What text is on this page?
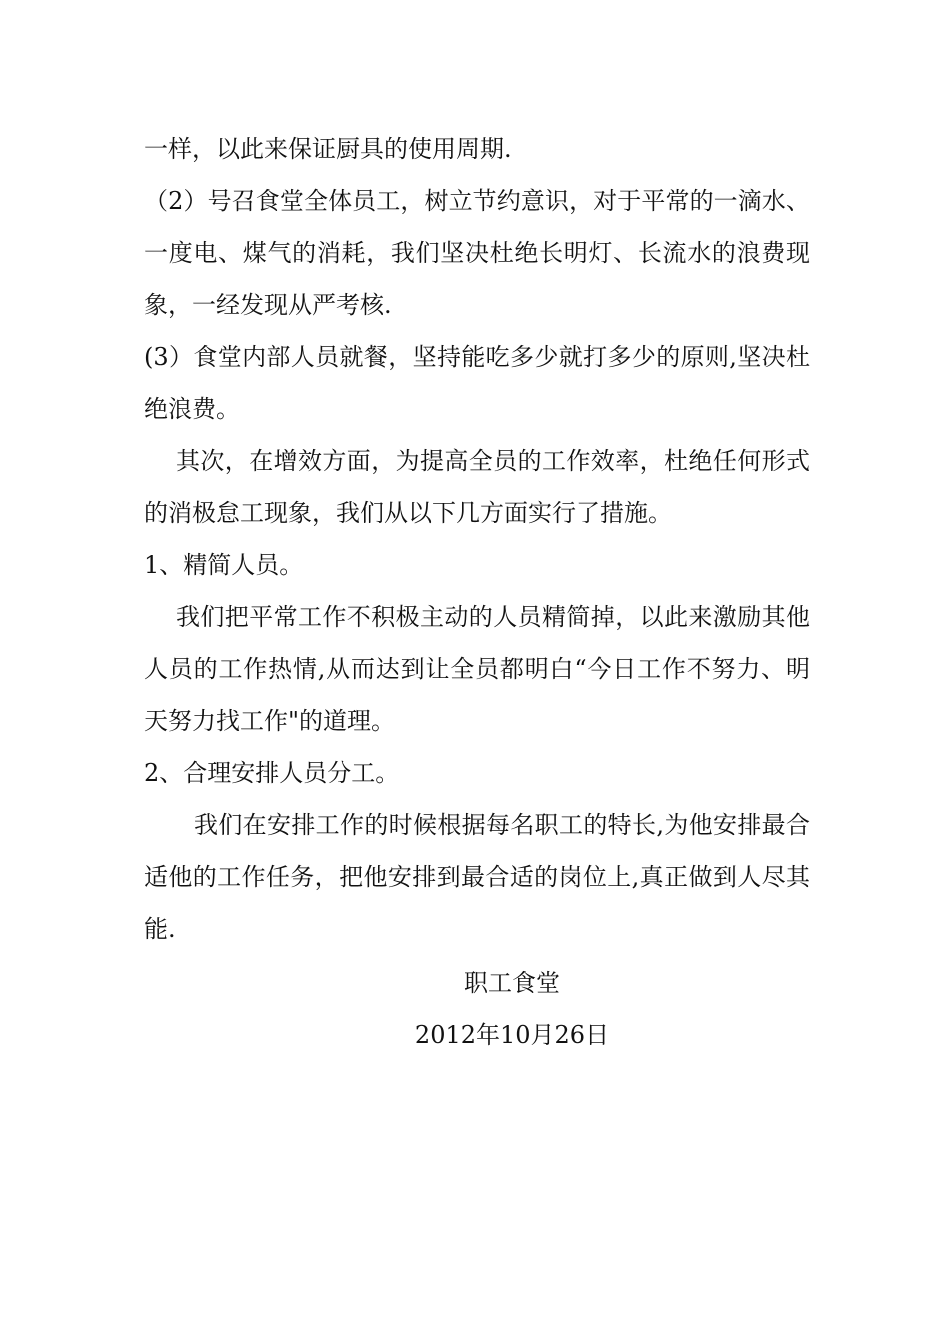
一样，以此来保证厨具的使用周期.

（2）号召食堂全体员工，树立节约意识，对于平常的一滴水、一度电、煤气的消耗，我们坚决杜绝长明灯、长流水的浪费现象，一经发现从严考核.

(3）食堂内部人员就餐，坚持能吃多少就打多少的原则,坚决杜绝浪费。

其次，在增效方面，为提高全员的工作效率，杜绝任何形式的消极怠工现象，我们从以下几方面实行了措施。

1、精简人员。

我们把平常工作不积极主动的人员精简掉，以此来激励其他人员的工作热情,从而达到让全员都明白“今日工作不努力、明天努力找工作"的道理。

2、合理安排人员分工。

我们在安排工作的时候根据每名职工的特长,为他安排最合适他的工作任务，把他安排到最合适的岗位上,真正做到人尽其能.

职工食堂

2012年10月26日
